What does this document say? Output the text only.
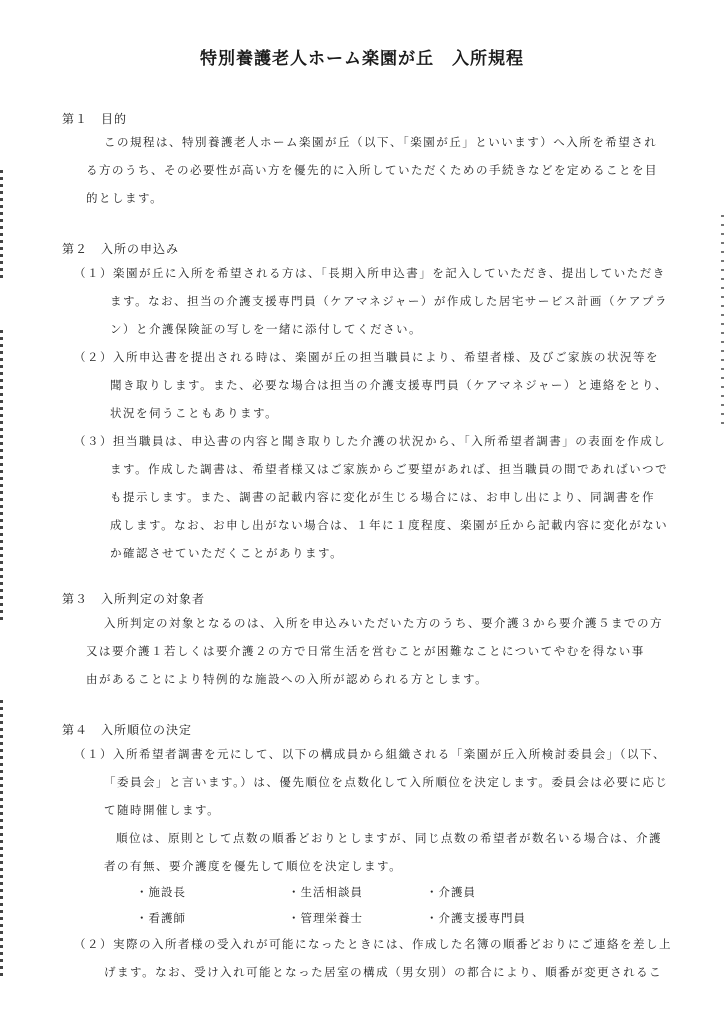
特別養護老人ホーム楽園が丘　入所規程
第１　目的
この規程は、特別養護老人ホーム楽園が丘（以下、「楽園が丘」といいます）へ入所を希望され
る方のうち、その必要性が高い方を優先的に入所していただくための手続きなどを定めることを目
的とします。
第２　入所の申込み
（１）楽園が丘に入所を希望される方は、「長期入所申込書」を記入していただき、提出していただき
ます。なお、担当の介護支援専門員（ケアマネジャー）が作成した居宅サービス計画（ケアプラ
ン）と介護保険証の写しを一緒に添付してください。
（２）入所申込書を提出される時は、楽園が丘の担当職員により、希望者様、及びご家族の状況等を
聞き取りします。また、必要な場合は担当の介護支援専門員（ケアマネジャー）と連絡をとり、
状況を伺うこともあります。
（３）担当職員は、申込書の内容と聞き取りした介護の状況から、「入所希望者調書」の表面を作成し
ます。作成した調書は、希望者様又はご家族からご要望があれば、担当職員の間であればいつで
も提示します。また、調書の記載内容に変化が生じる場合には、お申し出により、同調書を作
成します。なお、お申し出がない場合は、１年に１度程度、楽園が丘から記載内容に変化がない
か確認させていただくことがあります。
第３　入所判定の対象者
入所判定の対象となるのは、入所を申込みいただいた方のうち、要介護３から要介護５までの方
又は要介護１若しくは要介護２の方で日常生活を営むことが困難なことについてやむを得ない事
由があることにより特例的な施設への入所が認められる方とします。
第４　入所順位の決定
（１）入所希望者調書を元にして、以下の構成員から組織される「楽園が丘入所検討委員会」（以下、
「委員会」と言います。）は、優先順位を点数化して入所順位を決定します。委員会は必要に応じ
て随時開催します。
順位は、原則として点数の順番どおりとしますが、同じ点数の希望者が数名いる場合は、介護
者の有無、要介護度を優先して順位を決定します。
・施設長	・生活相談員	・介護員
・看護師	・管理栄養士	・介護支援専門員
（２）実際の入所者様の受入れが可能になったときには、作成した名簿の順番どおりにご連絡を差し上
げます。なお、受け入れ可能となった居室の構成（男女別）の都合により、順番が変更されるこ
